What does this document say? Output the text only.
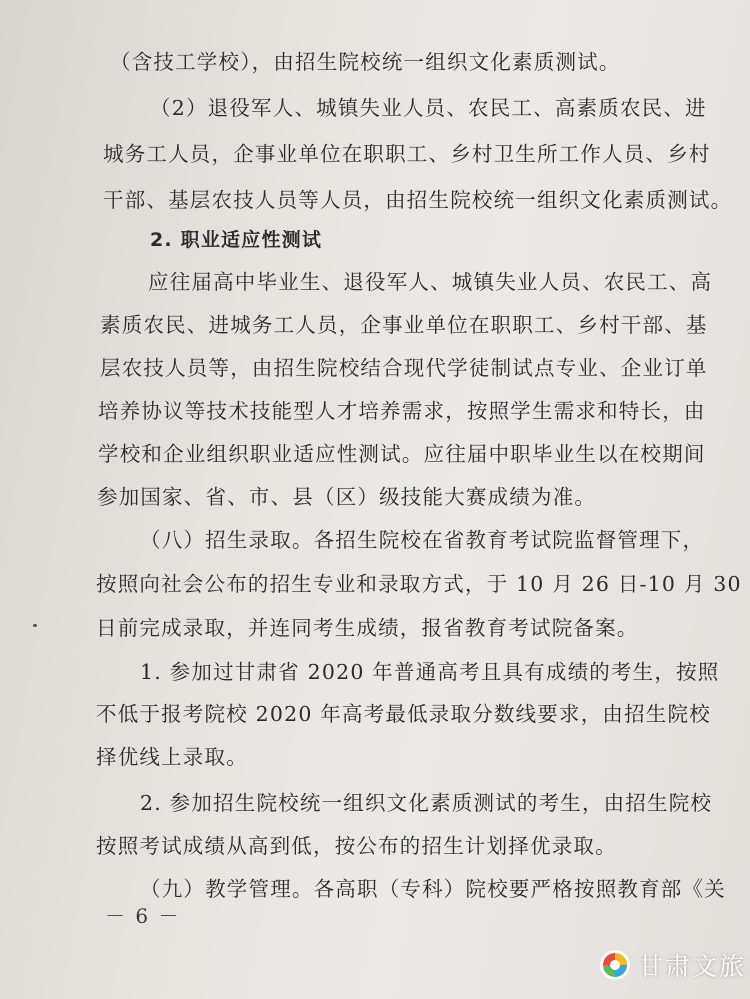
（含技工学校），由招生院校统一组织文化素质测试。
（2）退役军人、城镇失业人员、农民工、高素质农民、进
城务工人员，企事业单位在职职工、乡村卫生所工作人员、乡村
干部、基层农技人员等人员，由招生院校统一组织文化素质测试。
2. 职业适应性测试
应往届高中毕业生、退役军人、城镇失业人员、农民工、高
素质农民、进城务工人员，企事业单位在职职工、乡村干部、基
层农技人员等，由招生院校结合现代学徒制试点专业、企业订单
培养协议等技术技能型人才培养需求，按照学生需求和特长，由
学校和企业组织职业适应性测试。应往届中职毕业生以在校期间
参加国家、省、市、县（区）级技能大赛成绩为准。
（八）招生录取。各招生院校在省教育考试院监督管理下，
按照向社会公布的招生专业和录取方式，于 10 月 26 日-10 月 30
日前完成录取，并连同考生成绩，报省教育考试院备案。
1. 参加过甘肃省 2020 年普通高考且具有成绩的考生，按照
不低于报考院校 2020 年高考最低录取分数线要求，由招生院校
择优线上录取。
2. 参加招生院校统一组织文化素质测试的考生，由招生院校
按照考试成绩从高到低，按公布的招生计划择优录取。
（九）教学管理。各高职（专科）院校要严格按照教育部《关
－ 6 －
甘肃文旅
